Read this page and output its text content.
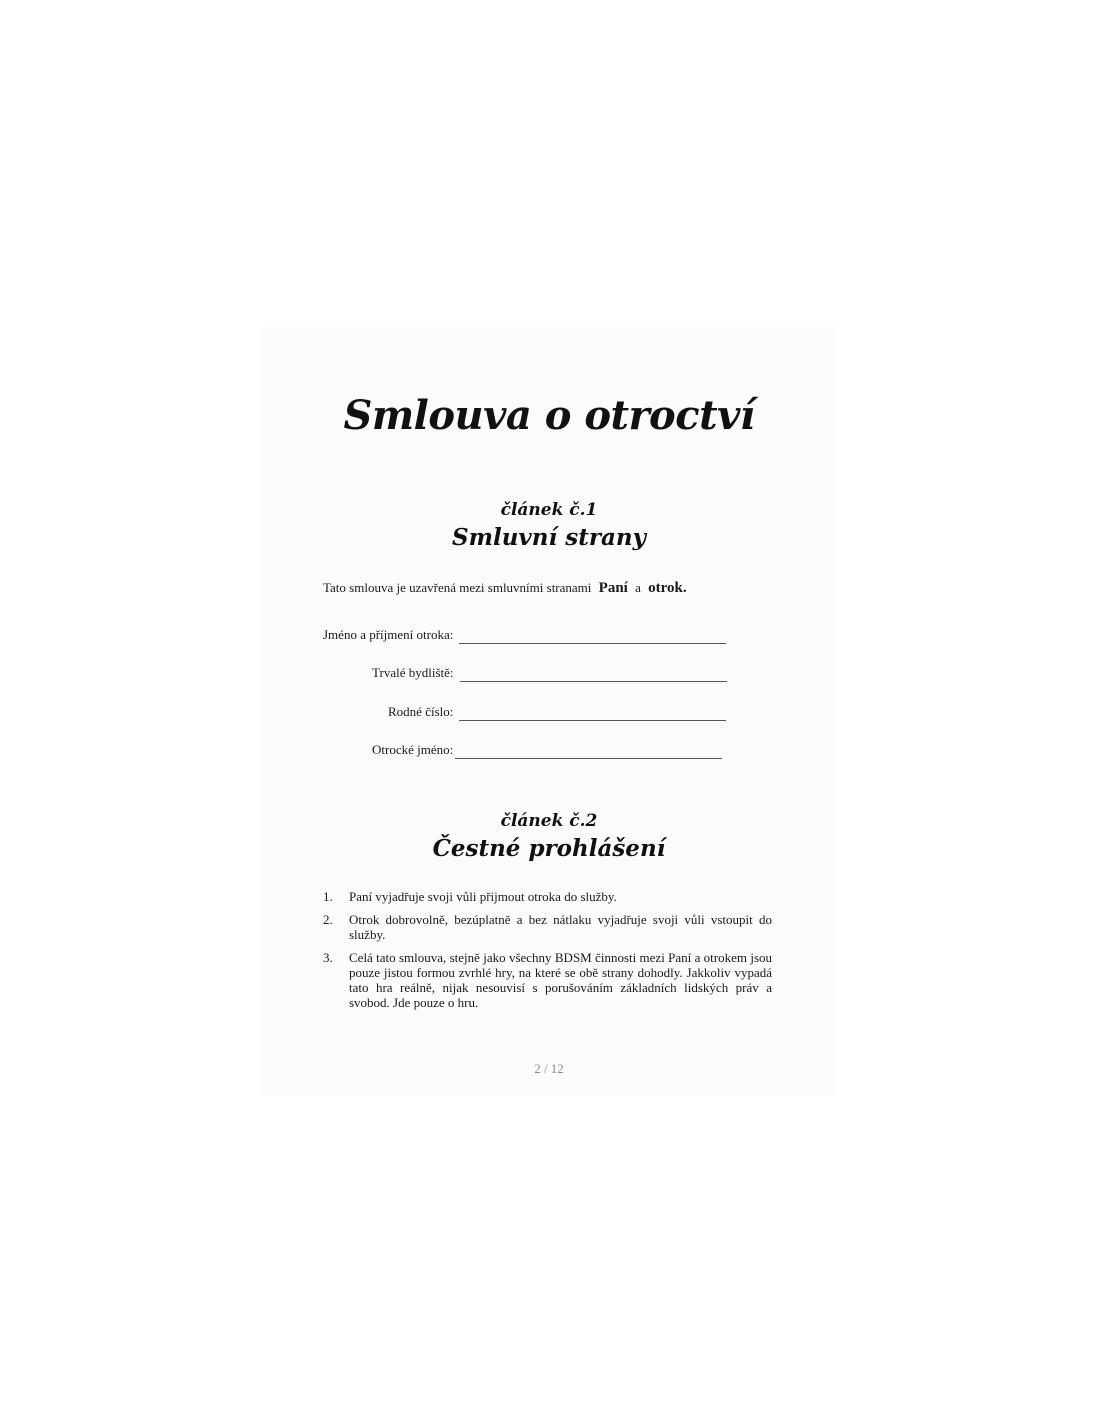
Smlouva o otroctví
článek č.1
Smluvní strany
Tato smlouva je uzavřená mezi smluvními stranami Paní a otrok.
Jméno a příjmení otroka:
Trvalé bydliště:
Rodné číslo:
Otrocké jméno:
článek č.2
Čestné prohlášení
1.	Paní vyjadřuje svoji vůli přijmout otroka do služby.
2.	Otrok dobrovolně, bezúplatně a bez nátlaku vyjadřuje svoji vůli vstoupit do služby.
3.	Celá tato smlouva, stejně jako všechny BDSM činnosti mezi Paní a otrokem jsou pouze jistou formou zvrhlé hry, na které se obě strany dohodly. Jakkoliv vypadá tato hra reálně, nijak nesouvisí s porušováním základních lidských práv a svobod. Jde pouze o hru.
2 / 12
